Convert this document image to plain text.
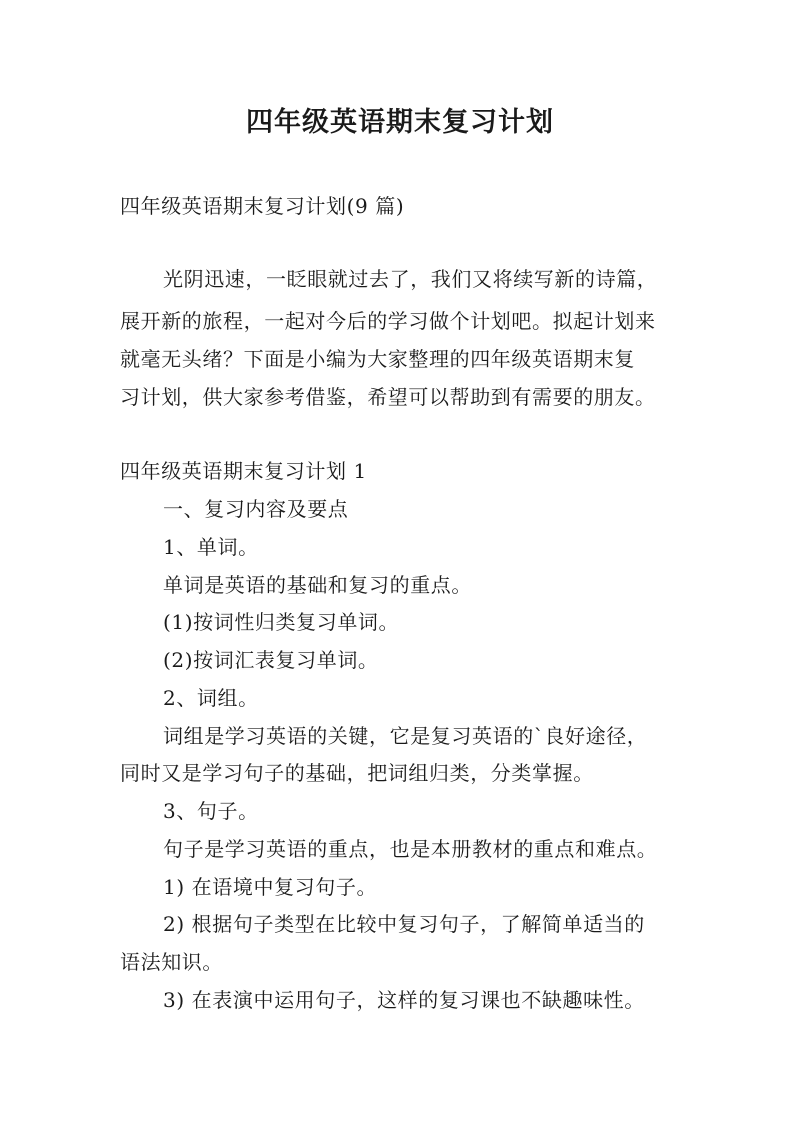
四年级英语期末复习计划
四年级英语期末复习计划(9 篇)
光阴迅速，一眨眼就过去了，我们又将续写新的诗篇，
展开新的旅程，一起对今后的学习做个计划吧。拟起计划来
就毫无头绪？下面是小编为大家整理的四年级英语期末复
习计划，供大家参考借鉴，希望可以帮助到有需要的朋友。
四年级英语期末复习计划 1
一、复习内容及要点
1、单词。
单词是英语的基础和复习的重点。
(1)按词性归类复习单词。
(2)按词汇表复习单词。
2、词组。
词组是学习英语的关键，它是复习英语的`良好途径，
同时又是学习句子的基础，把词组归类，分类掌握。
3、句子。
句子是学习英语的重点，也是本册教材的重点和难点。
1) 在语境中复习句子。
2) 根据句子类型在比较中复习句子，了解简单适当的
语法知识。
3) 在表演中运用句子，这样的复习课也不缺趣味性。
